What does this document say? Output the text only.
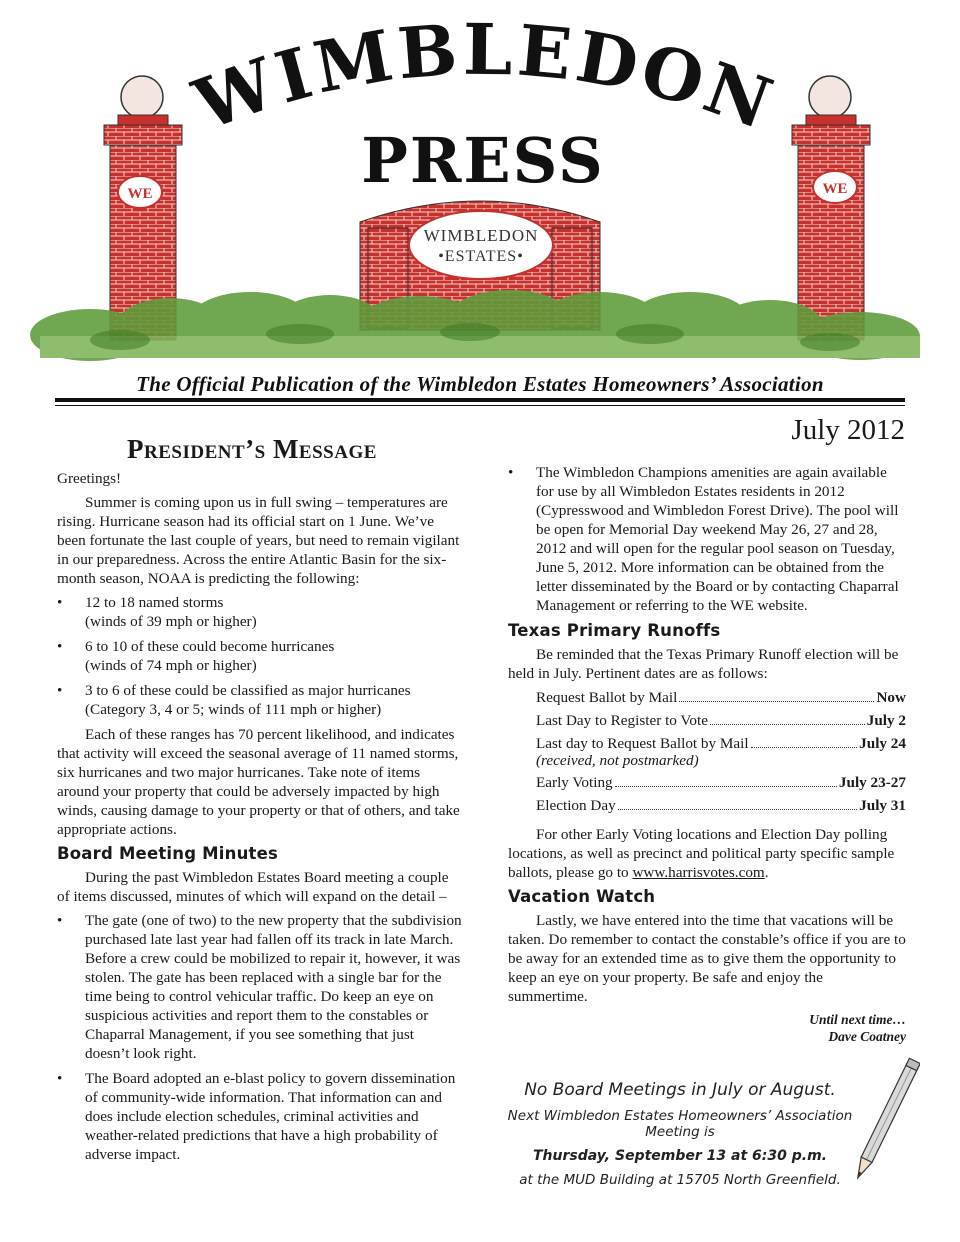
WIMBLEDON
PRESS
WE	WE
WIMBLEDON
•ESTATES•
The Official Publication of the Wimbledon Estates Homeowners’ Association
July 2012
President’s Message

Greetings!

Summer is coming upon us in full swing – temperatures are rising. Hurricane season had its official start on 1 June. We’ve been fortunate the last couple of years, but need to remain vigilant in our preparedness. Across the entire Atlantic Basin for the six-month season, NOAA is predicting the following:

• 12 to 18 named storms
(winds of 39 mph or higher)
• 6 to 10 of these could become hurricanes
(winds of 74 mph or higher)
• 3 to 6 of these could be classified as major hurricanes
(Category 3, 4 or 5; winds of 111 mph or higher)

Each of these ranges has 70 percent likelihood, and indicates that activity will exceed the seasonal average of 11 named storms, six hurricanes and two major hurricanes. Take note of items around your property that could be adversely impacted by high winds, causing damage to your property or that of others, and take appropriate actions.

Board Meeting Minutes

During the past Wimbledon Estates Board meeting a couple of items discussed, minutes of which will expand on the detail –

• The gate (one of two) to the new property that the subdivision purchased late last year had fallen off its track in late March. Before a crew could be mobilized to repair it, however, it was stolen. The gate has been replaced with a single bar for the time being to control vehicular traffic. Do keep an eye on suspicious activities and report them to the constables or Chaparral Management, if you see something that just doesn’t look right.
• The Board adopted an e-blast policy to govern dissemination of community-wide information. That information can and does include election schedules, criminal activities and weather-related predictions that have a high probability of adverse impact.
• The Wimbledon Champions amenities are again available for use by all Wimbledon Estates residents in 2012 (Cypresswood and Wimbledon Forest Drive). The pool will be open for Memorial Day weekend May 26, 27 and 28, 2012 and will open for the regular pool season on Tuesday, June 5, 2012. More information can be obtained from the letter disseminated by the Board or by contacting Chaparral Management or referring to the WE website.
Texas Primary Runoffs

Be reminded that the Texas Primary Runoff election will be held in July. Pertinent dates are as follows:

Request Ballot by Mail	Now
Last Day to Register to Vote	July 2
Last day to Request Ballot by Mail	July 24
(received, not postmarked)
Early Voting	July 23-27
Election Day	July 31

For other Early Voting locations and Election Day polling locations, as well as precinct and political party specific sample ballots, please go to www.harrisvotes.com.

Vacation Watch

Lastly, we have entered into the time that vacations will be taken. Do remember to contact the constable’s office if you are to be away for an extended time as to give them the opportunity to keep an eye on your property. Be safe and enjoy the summertime.

Until next time…
Dave Coatney
No Board Meetings in July or August.
Next Wimbledon Estates Homeowners’ Association Meeting is
Thursday, September 13 at 6:30 p.m.
at the MUD Building at 15705 North Greenfield.
